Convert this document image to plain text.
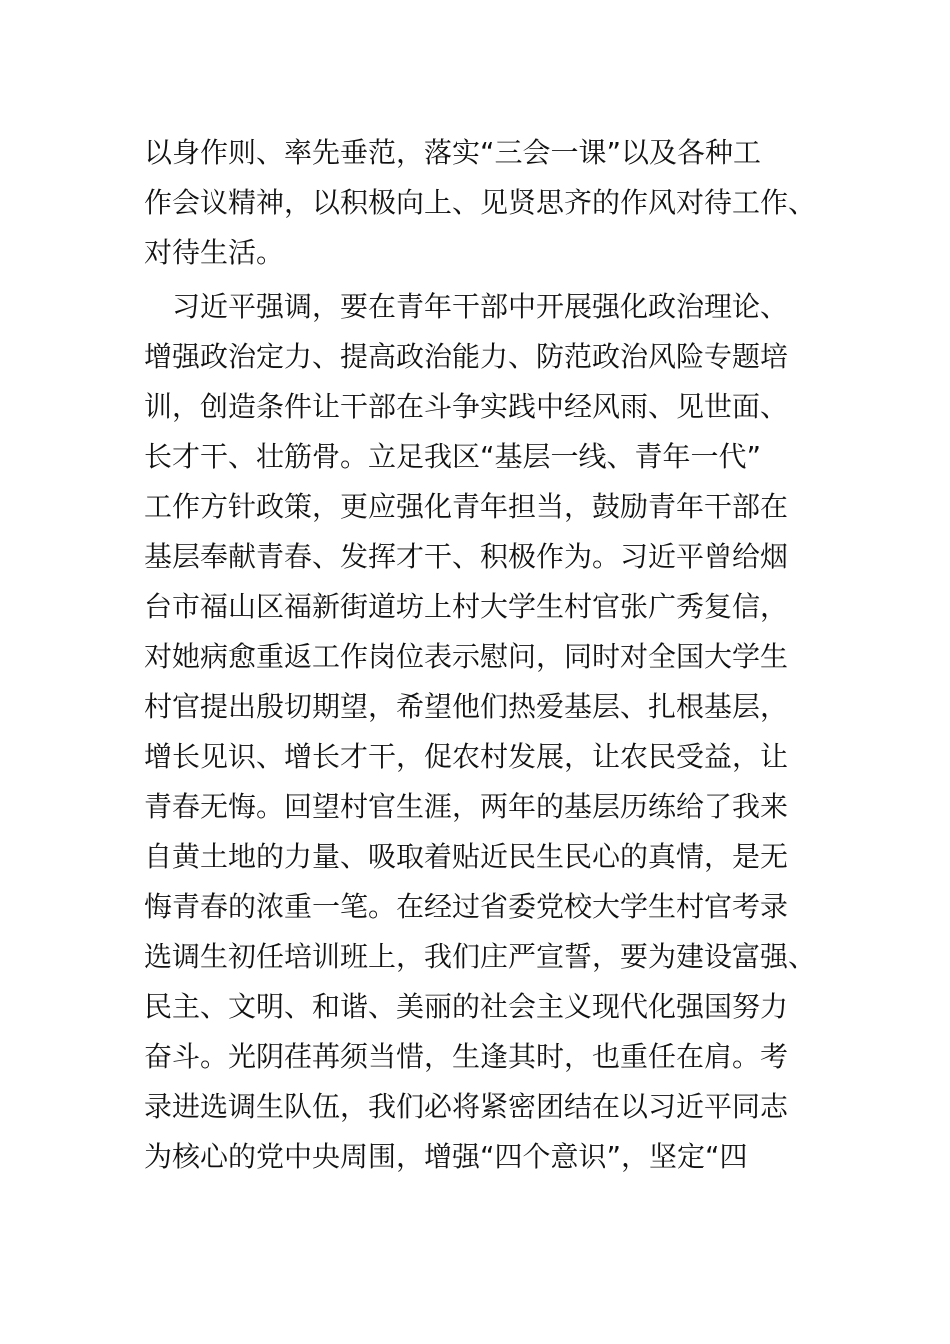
以身作则、率先垂范，落实“三会一课”以及各种工
作会议精神，以积极向上、见贤思齐的作风对待工作、
对待生活。
　习近平强调，要在青年干部中开展强化政治理论、
增强政治定力、提高政治能力、防范政治风险专题培
训，创造条件让干部在斗争实践中经风雨、见世面、
长才干、壮筋骨。立足我区“基层一线、青年一代”
工作方针政策，更应强化青年担当，鼓励青年干部在
基层奉献青春、发挥才干、积极作为。习近平曾给烟
台市福山区福新街道坊上村大学生村官张广秀复信，
对她病愈重返工作岗位表示慰问，同时对全国大学生
村官提出殷切期望，希望他们热爱基层、扎根基层，
增长见识、增长才干，促农村发展，让农民受益，让
青春无悔。回望村官生涯，两年的基层历练给了我来
自黄土地的力量、吸取着贴近民生民心的真情，是无
悔青春的浓重一笔。在经过省委党校大学生村官考录
选调生初任培训班上，我们庄严宣誓，要为建设富强、
民主、文明、和谐、美丽的社会主义现代化强国努力
奋斗。光阴荏苒须当惜，生逢其时，也重任在肩。考
录进选调生队伍，我们必将紧密团结在以习近平同志
为核心的党中央周围，增强“四个意识”，坚定“四
